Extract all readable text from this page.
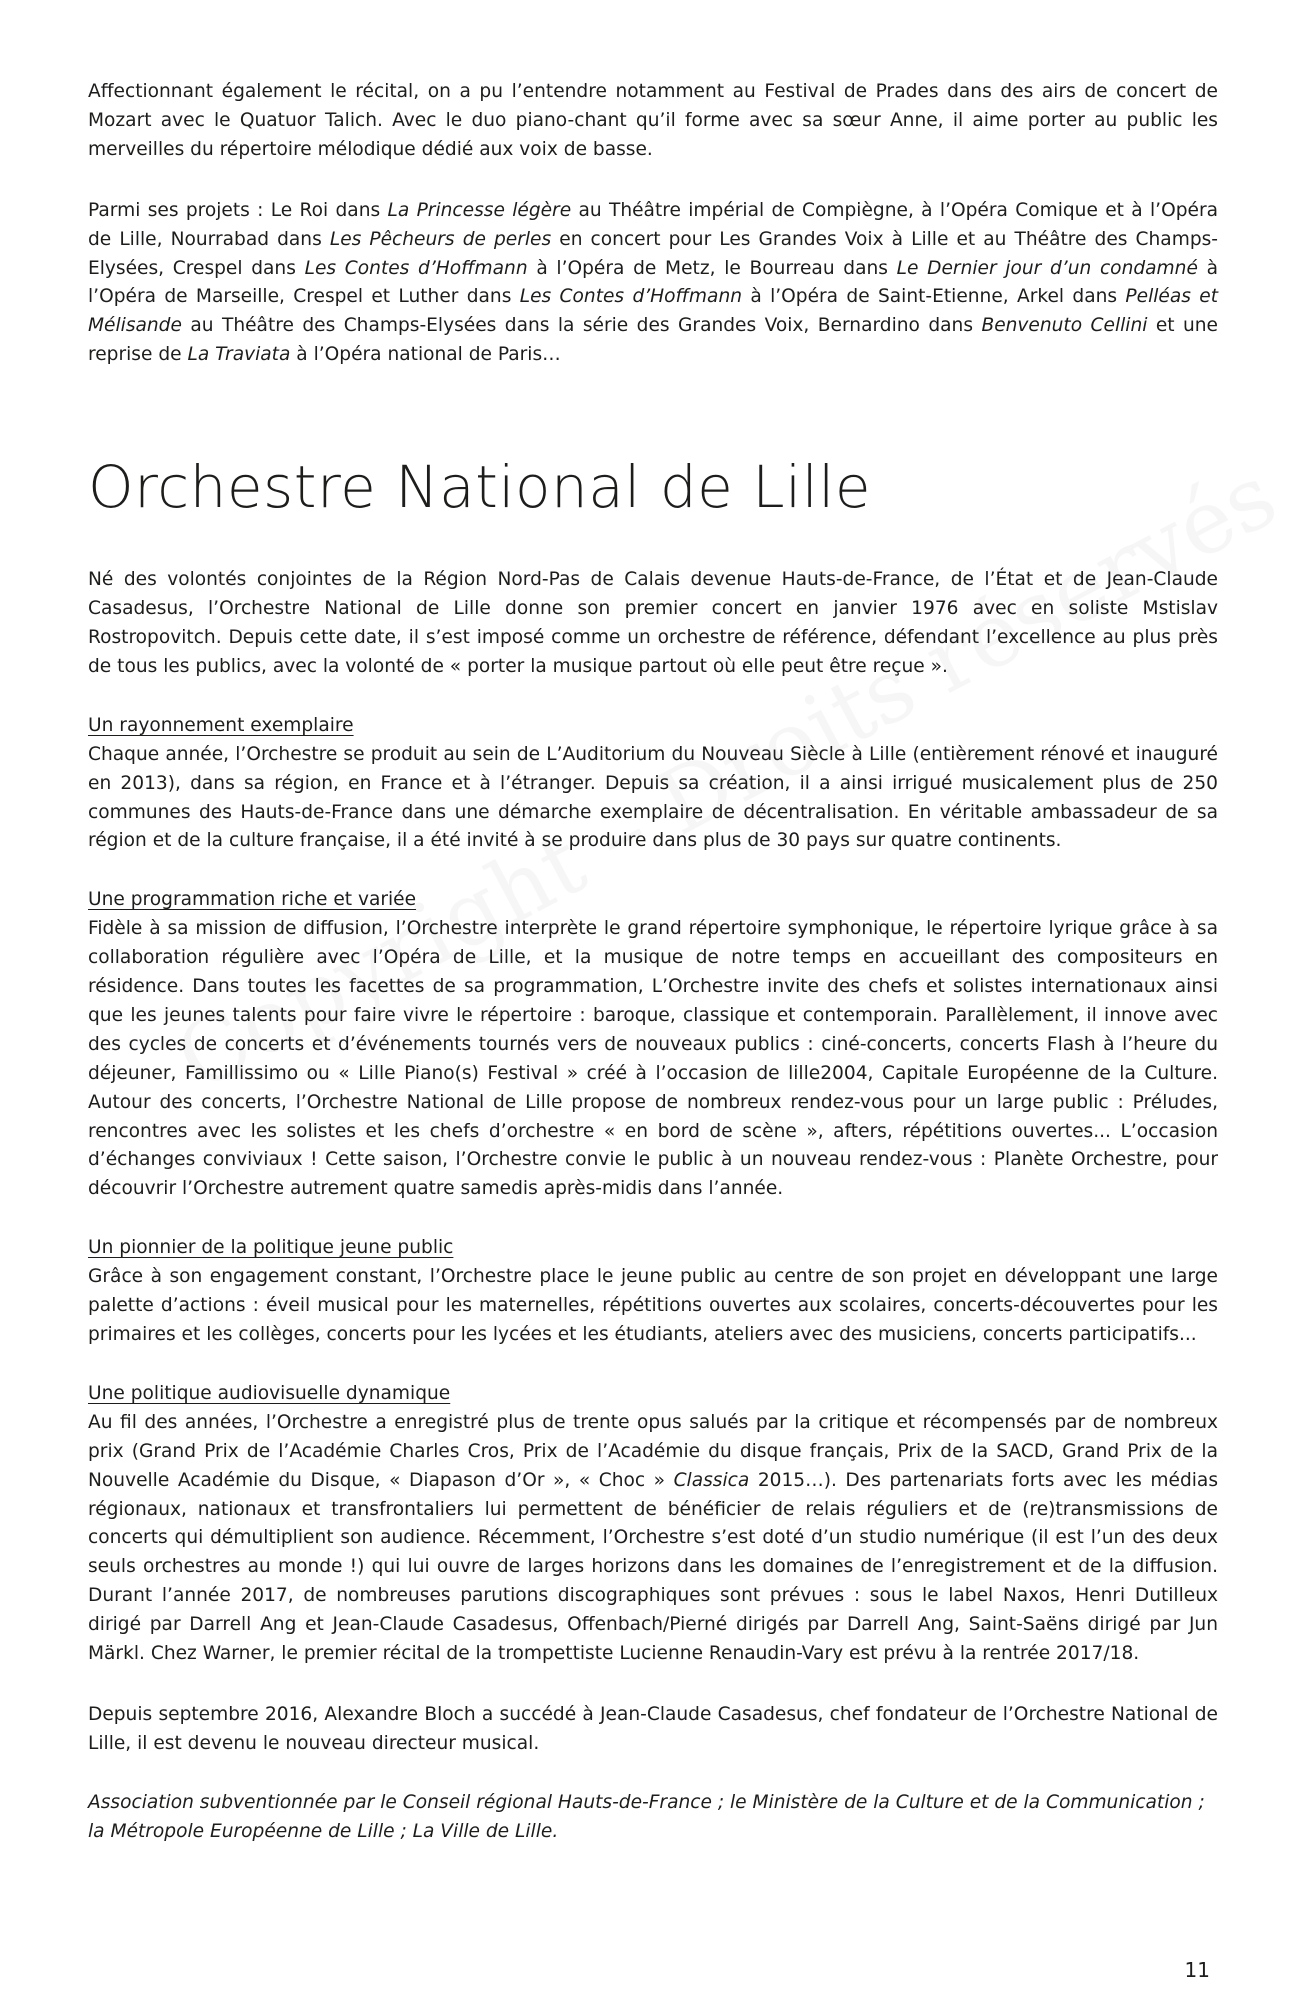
Affectionnant également le récital, on a pu l’entendre notamment au Festival de Prades dans des airs de concert de Mozart avec le Quatuor Talich. Avec le duo piano-chant qu’il forme avec sa sœur Anne, il aime porter au public les merveilles du répertoire mélodique dédié aux voix de basse.

Parmi ses projets : Le Roi dans La Princesse légère au Théâtre impérial de Compiègne, à l’Opéra Comique et à l’Opéra de Lille, Nourrabad dans Les Pêcheurs de perles en concert pour Les Grandes Voix à Lille et au Théâtre des Champs-Elysées, Crespel dans Les Contes d’Hoffmann à l’Opéra de Metz, le Bourreau dans Le Dernier jour d’un condamné à l’Opéra de Marseille, Crespel et Luther dans Les Contes d’Hoffmann à l’Opéra de Saint-Etienne, Arkel dans Pelléas et Mélisande au Théâtre des Champs-Elysées dans la série des Grandes Voix, Bernardino dans Benvenuto Cellini et une reprise de La Traviata à l’Opéra national de Paris…

Orchestre National de Lille

Né des volontés conjointes de la Région Nord-Pas de Calais devenue Hauts-de-France, de l’État et de Jean-Claude Casadesus, l’Orchestre National de Lille donne son premier concert en janvier 1976 avec en soliste Mstislav Rostropovitch. Depuis cette date, il s’est imposé comme un orchestre de référence, défendant l’excellence au plus près de tous les publics, avec la volonté de « porter la musique partout où elle peut être reçue ».

Un rayonnement exemplaire

Chaque année, l’Orchestre se produit au sein de L’Auditorium du Nouveau Siècle à Lille (entièrement rénové et inauguré en 2013), dans sa région, en France et à l’étranger. Depuis sa création, il a ainsi irrigué musicalement plus de 250 communes des Hauts-de-France dans une démarche exemplaire de décentralisation. En véritable ambassadeur de sa région et de la culture française, il a été invité à se produire dans plus de 30 pays sur quatre continents.

Une programmation riche et variée

Fidèle à sa mission de diffusion, l’Orchestre interprète le grand répertoire symphonique, le répertoire lyrique grâce à sa collaboration régulière avec l’Opéra de Lille, et la musique de notre temps en accueillant des compositeurs en résidence. Dans toutes les facettes de sa programmation, L’Orchestre invite des chefs et solistes internationaux ainsi que les jeunes talents pour faire vivre le répertoire : baroque, classique et contemporain. Parallèlement, il innove avec des cycles de concerts et d’événements tournés vers de nouveaux publics : ciné-concerts, concerts Flash à l’heure du déjeuner, Famillissimo ou « Lille Piano(s) Festival » créé à l’occasion de lille2004, Capitale Européenne de la Culture. Autour des concerts, l’Orchestre National de Lille propose de nombreux rendez-vous pour un large public : Préludes, rencontres avec les solistes et les chefs d’orchestre « en bord de scène », afters, répétitions ouvertes... L’occasion d’échanges conviviaux ! Cette saison, l’Orchestre convie le public à un nouveau rendez-vous : Planète Orchestre, pour découvrir l’Orchestre autrement quatre samedis après-midis dans l’année.

Un pionnier de la politique jeune public

Grâce à son engagement constant, l’Orchestre place le jeune public au centre de son projet en développant une large palette d’actions : éveil musical pour les maternelles, répétitions ouvertes aux scolaires, concerts-découvertes pour les primaires et les collèges, concerts pour les lycées et les étudiants, ateliers avec des musiciens, concerts participatifs...

Une politique audiovisuelle dynamique

Au fil des années, l’Orchestre a enregistré plus de trente opus salués par la critique et récompensés par de nombreux prix (Grand Prix de l’Académie Charles Cros, Prix de l’Académie du disque français, Prix de la SACD, Grand Prix de la Nouvelle Académie du Disque, « Diapason d’Or », « Choc » Classica 2015…). Des partenariats forts avec les médias régionaux, nationaux et transfrontaliers lui permettent de bénéficier de relais réguliers et de (re)transmissions de concerts qui démultiplient son audience. Récemment, l’Orchestre s’est doté d’un studio numérique (il est l’un des deux seuls orchestres au monde !) qui lui ouvre de larges horizons dans les domaines de l’enregistrement et de la diffusion. Durant l’année 2017, de nombreuses parutions discographiques sont prévues : sous le label Naxos, Henri Dutilleux dirigé par Darrell Ang et Jean-Claude Casadesus, Offenbach/Pierné dirigés par Darrell Ang, Saint-Saëns dirigé par Jun Märkl. Chez Warner, le premier récital de la trompettiste Lucienne Renaudin-Vary est prévu à la rentrée 2017/18.

Depuis septembre 2016, Alexandre Bloch a succédé à Jean-Claude Casadesus, chef fondateur de l’Orchestre National de Lille, il est devenu le nouveau directeur musical.

Association subventionnée par le Conseil régional Hauts-de-France ; le Ministère de la Culture et de la Communication ; la Métropole Européenne de Lille ; La Ville de Lille.

11
